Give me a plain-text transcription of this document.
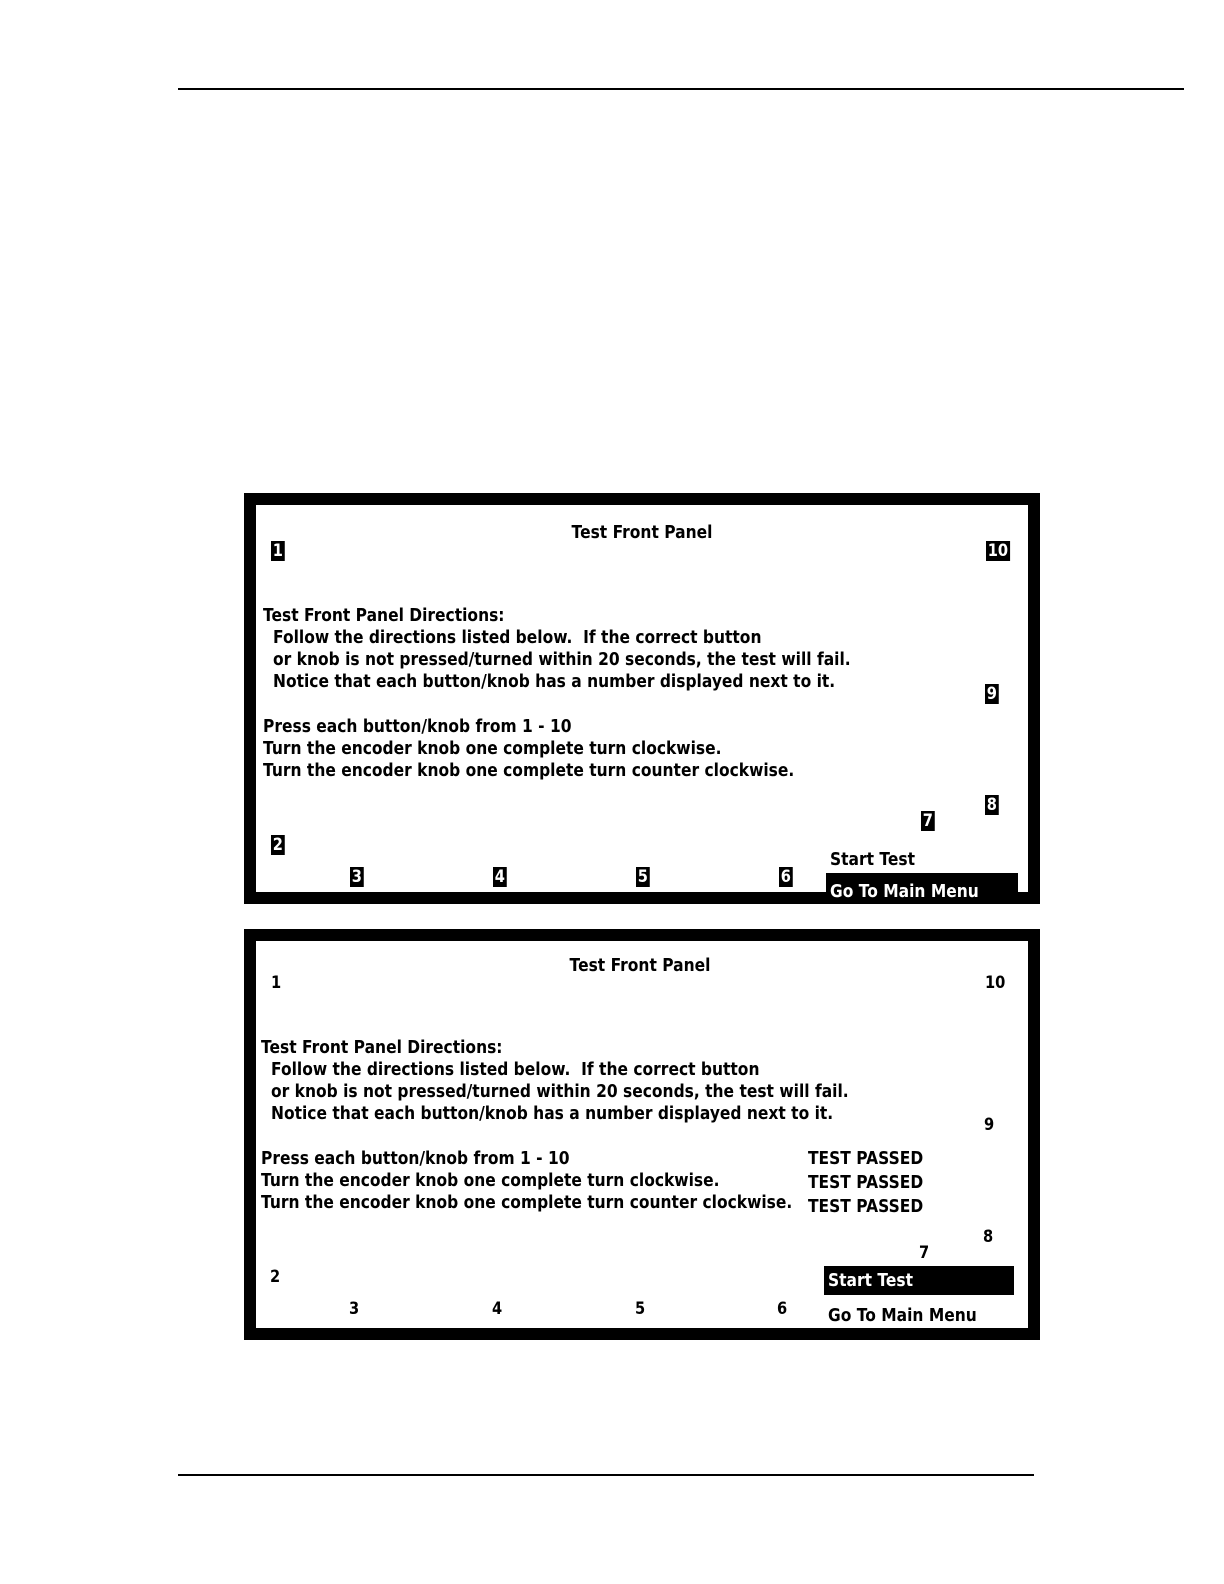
Test Front Panel
1	10
Test Front Panel Directions:
Follow the directions listed below.  If the correct button
or knob is not pressed/turned within 20 seconds, the test will fail.
Notice that each button/knob has a number displayed next to it.
9
Press each button/knob from 1 - 10
Turn the encoder knob one complete turn clockwise.
Turn the encoder knob one complete turn counter clockwise.
8
7
2
Start Test
Go To Main Menu
3	4	5	6
Test Front Panel
1	10
Test Front Panel Directions:
Follow the directions listed below.  If the correct button
or knob is not pressed/turned within 20 seconds, the test will fail.
Notice that each button/knob has a number displayed next to it.
9
Press each button/knob from 1 - 10
Turn the encoder knob one complete turn clockwise.
Turn the encoder knob one complete turn counter clockwise.
TEST PASSED
TEST PASSED
TEST PASSED
8
7
2	Start Test
Go To Main Menu
3	4	5	6
